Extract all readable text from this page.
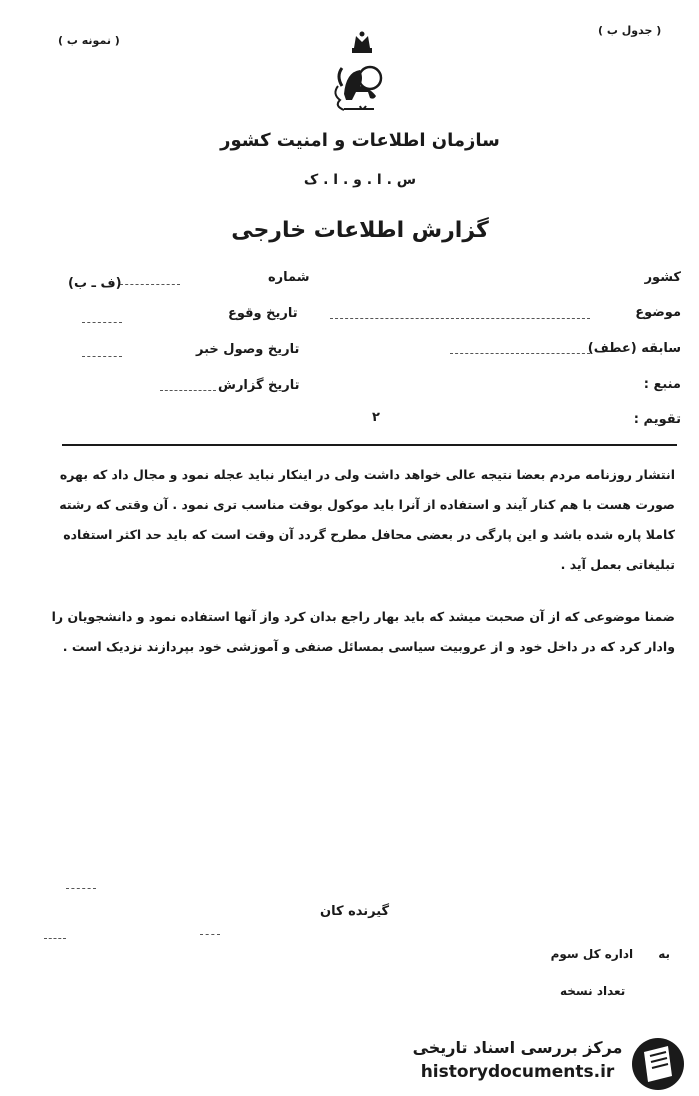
( جدول ب )
( نمونه ب )
سازمان اطلاعات و امنیت کشور
س . ا . و . ا . ک
گزارش اطلاعات خارجی
کشور
موضوع
سابقه (عطف)
منبع :
تقویم :
شماره
(ف ـ ب)
تاریخ وقوع
تاریخ وصول خبر
تاریخ گزارش
۲
انتشار روزنامه مردم بعضا نتیجه عالی خواهد داشت ولی در اینکار نباید عجله نمود و مجال داد که بهره صورت هست با هم کنار آیند و استفاده از آنرا باید موکول بوقت مناسب تری نمود . آن وقتی که رشته کاملا پاره شده باشد و این پارگی در بعضی محافل مطرح گردد آن وقت است که باید حد اکثر استفاده تبلیغاتی بعمل آید .
ضمنا موضوعی که از آن صحبت میشد که باید بهار راجع بدان کرد واز آنها استفاده نمود و دانشجویان را وادار کرد که در داخل خود و از عروبیت سیاسی بمسائل صنفی و آموزشی خود بپردازند نزدیک است .
گیرنده کان
به      اداره کل سوم
تعداد نسخه
مرکز بررسی اسناد تاریخی
historydocuments.ir
